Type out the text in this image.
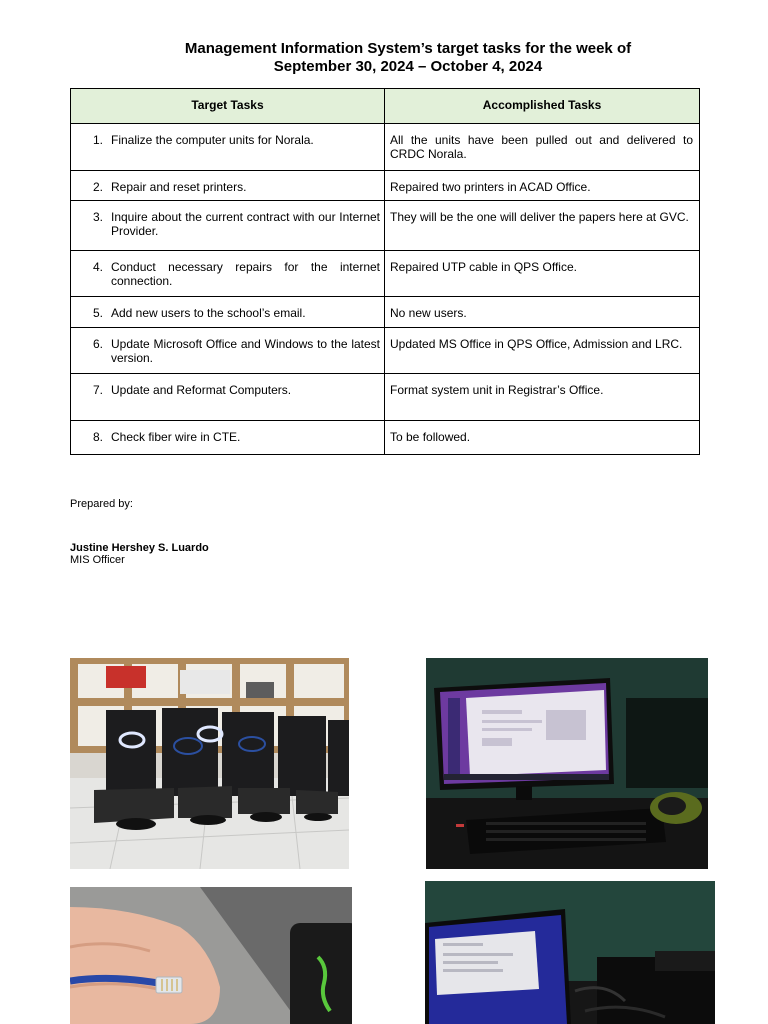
Management Information System’s target tasks for the week of
September 30, 2024 – October 4, 2024
Target Tasks	Accomplished Tasks

1. Finalize the computer units for Norala.	All the units have been pulled out and delivered to CRDC Norala.

2. Repair and reset printers.	Repaired two printers in ACAD Office.

3. Inquire about the current contract with our Internet Provider.	They will be the one will deliver the papers here at GVC.

4. Conduct necessary repairs for the internet connection.	Repaired UTP cable in QPS Office.

5. Add new users to the school’s email.	No new users.

6. Update Microsoft Office and Windows to the latest version.	Updated MS Office in QPS Office, Admission and LRC.

7. Update and Reformat Computers.	Format system unit in Registrar’s Office.

8. Check fiber wire in CTE.	To be followed.
Prepared by:
Justine Hershey S. Luardo
MIS Officer
